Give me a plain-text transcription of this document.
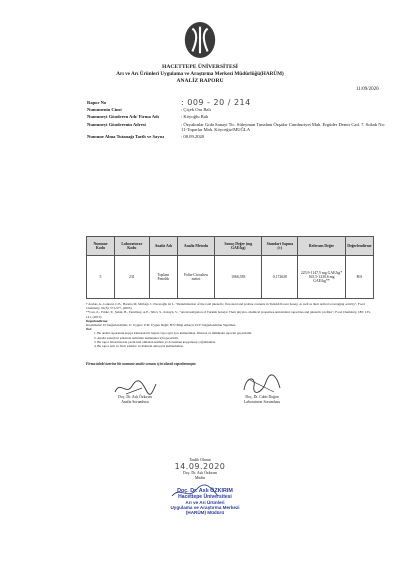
HACETTEPE ÜNİVERSİTESİ
Arı ve Arı Ürünleri Uygulama ve Araştırma Merkezi Müdürlüğü(HARÜM)
ANALİZ RAPORU
11/09/2020
Rapor No	: 009 - 20 / 214
Numunenin Cinsi	: Çiçek Ora Balı
Numuneyi Gönderen Adı/ Firma Adı	: Köyoğlu Balı
Numuneyi Gönderenin Adresi	: Özyakınlar Gıda Sanayi Tic. Süleyman Tunahan Özşakır Cumhuriyet Mah. Ergüder Demir Cad. 7. Sokak No: 11-Toparlar Mah. Köyceğiz/MUĞLA
Numune Alma Tutanağı Tarih ve Sayısı	: 08.09.2020
Numune Kodu	Laboratuvar Kodu	Analiz Adı	Analiz Metodu	Sonuç Değer (mg GAE/kg)	Standart Sapma (±)	Referans Değer	Değerlendirme
5	231	Toplam Fenolik	Folin-Ciocalteu metot	1066,583	0,172628	225,9-1147,5 mg GAE/kg*
165,5-1230,6 mg GAE/kg**	B/S

* Arslan, A., Lantoni, C.E., Boretto M, Mirbağı J., Nacaroğlu Gl L. "Determination of the total phenolic, flavonoid and proline contents in Turkish flower honey, as well as their radical scavenging activity", Food Chemistry, 91(3): 571-577, (2005).

**Can, Z., Yıldız, Y., Şahin, H., Turumtay, A.E., Silici, S., Kolaylı, S., "An investigation of Turkish honeys: Their physico-chemical properties,antioxidant capacities and phenolic profiles", Food Chemistry, 180: 133-141, (2015).

Değerlendirme:

Kısaltmalar: D: Değerlendirme; U: Uygun; U/D: Uygun Değil; B/S: Bilgi Amaçlı; D/Y: Değerlendirme Yapılmaz.

Not:

1. Bu analiz raporunun kopya kılınarak bir başına veya aynı ayrı kullanılmaz. İmzasız ve mühürsüz raporlar geçersizdir.

2. Analiz sonuçları yukarıda belirtilen numuneler için geçerlidir.

3. Bu rapor laboratuvarın yazılı izni olmadan kısmen ya da kısmen kopyalanıp çoğaltılamaz.

4. Bu rapor Arlı ve Slarr sabirler ve Rollerin amaçıyla kullanılamaz.

Firma talebi üzerine bir numune analiz sonucu için olarak raporlanmıştır.
Doç. Dr. Aslı Özkırım
Analiz Sorumlusu
Doç. Dr. Cabit Doğan
Laboratuvar Sorumlusu
Tasdik Olunur
14.09.2020
Doç. Dr. Aslı Özkırım
Müdür
Doç. Dr. Aslı ÖZKIRIM
Hacettepe Üniversitesi
Arı ve Arı Ürünleri
Uygulama ve Araştırma Merkezi
(HARÜM) Müdürü
